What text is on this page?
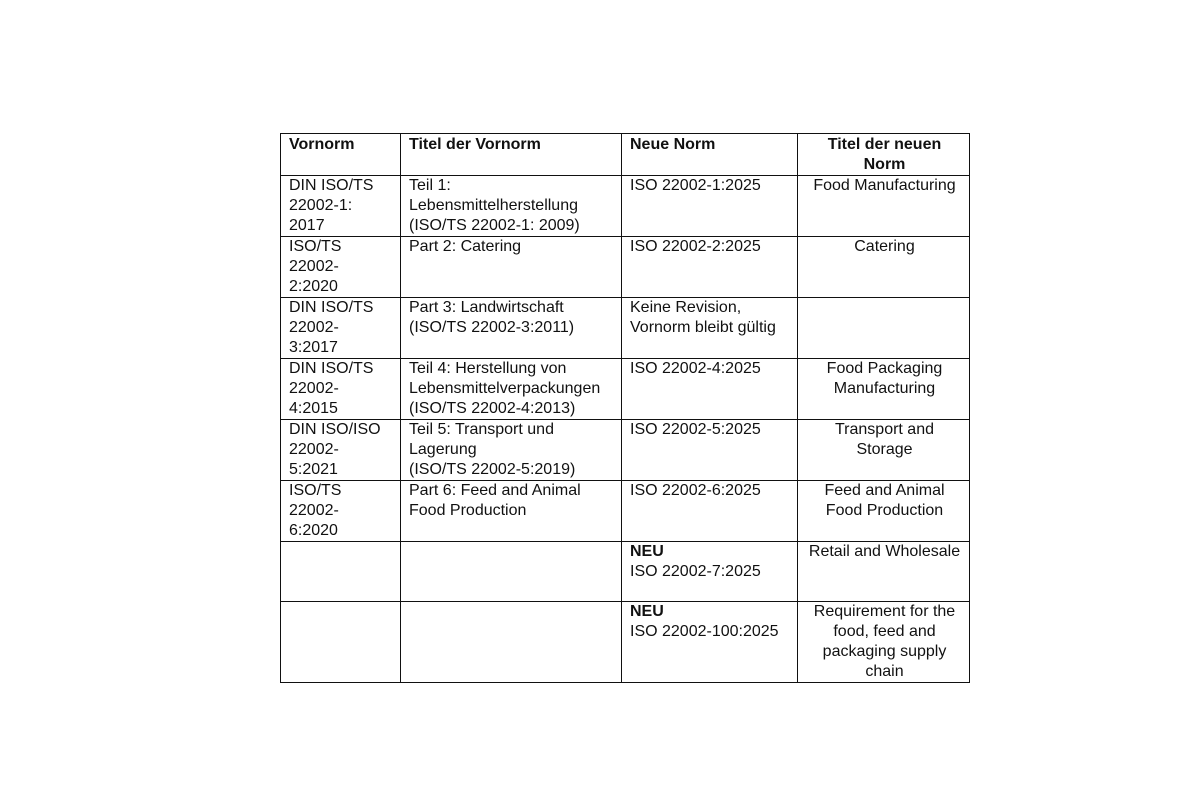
Vornorm	Titel der Vornorm	Neue Norm	Titel der neuen Norm

DIN ISO/TS
22002-1:
2017	Teil 1:
Lebensmittelherstellung
(ISO/TS 22002-1: 2009)	ISO 22002-1:2025	Food Manufacturing

ISO/TS
22002-
2:2020	Part 2: Catering	ISO 22002-2:2025	Catering

DIN ISO/TS
22002-
3:2017	Part 3: Landwirtschaft
(ISO/TS 22002-3:2011)	Keine Revision,
Vornorm bleibt gültig	

DIN ISO/TS
22002-
4:2015	Teil 4: Herstellung von
Lebensmittelverpackungen
(ISO/TS 22002-4:2013)	ISO 22002-4:2025	Food Packaging Manufacturing

DIN ISO/ISO
22002-
5:2021	Teil 5: Transport und
Lagerung
(ISO/TS 22002-5:2019)	ISO 22002-5:2025	Transport and Storage

ISO/TS
22002-
6:2020	Part 6: Feed and Animal
Food Production	ISO 22002-6:2025	Feed and Animal Food Production

		NEU
ISO 22002-7:2025	Retail and Wholesale

		NEU
ISO 22002-100:2025	Requirement for the food, feed and packaging supply chain
